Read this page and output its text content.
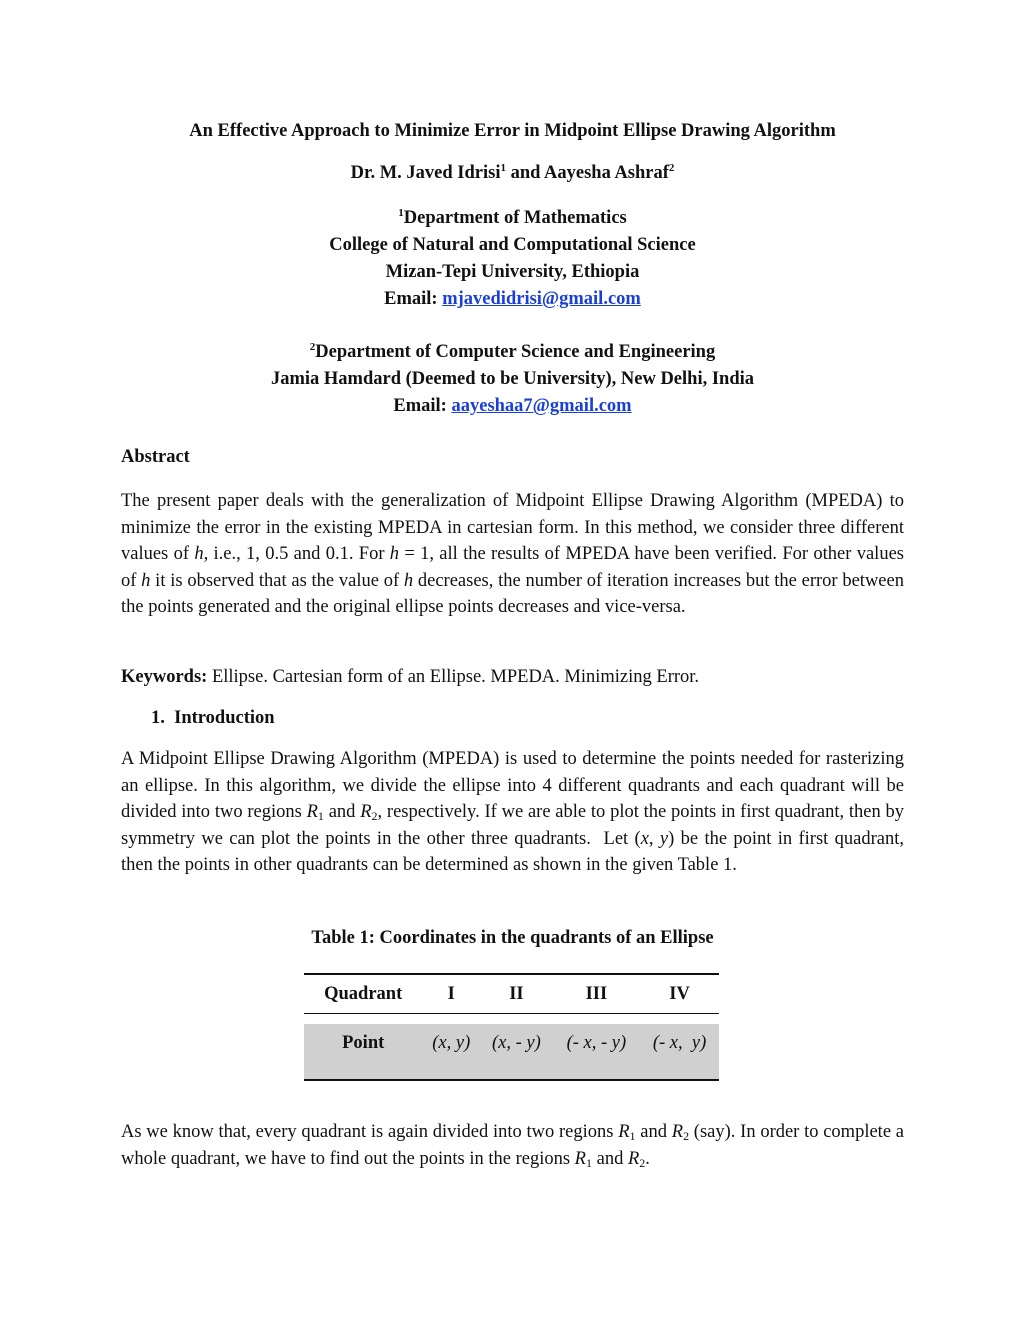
An Effective Approach to Minimize Error in Midpoint Ellipse Drawing Algorithm
Dr. M. Javed Idrisi$^1$ and Aayesha Ashraf$^2$
$^1$Department of Mathematics
College of Natural and Computational Science
Mizan-Tepi University, Ethiopia
Email: mjavedidrisi@gmail.com
$^2$Department of Computer Science and Engineering
Jamia Hamdard (Deemed to be University), New Delhi, India
Email: aayeshaa7@gmail.com
Abstract
The present paper deals with the generalization of Midpoint Ellipse Drawing Algorithm (MPEDA) to minimize the error in the existing MPEDA in cartesian form. In this method, we consider three different values of h, i.e., 1, 0.5 and 0.1. For h = 1, all the results of MPEDA have been verified. For other values of h it is observed that as the value of h decreases, the number of iteration increases but the error between the points generated and the original ellipse points decreases and vice-versa.
Keywords: Ellipse. Cartesian form of an Ellipse. MPEDA. Minimizing Error.
1.  Introduction
A Midpoint Ellipse Drawing Algorithm (MPEDA) is used to determine the points needed for rasterizing an ellipse. In this algorithm, we divide the ellipse into 4 different quadrants and each quadrant will be divided into two regions $R_1$ and $R_2$, respectively. If we are able to plot the points in first quadrant, then by symmetry we can plot the points in the other three quadrants.  Let (x, y) be the point in first quadrant, then the points in other quadrants can be determined as shown in the given Table 1.
Table 1: Coordinates in the quadrants of an Ellipse
Quadrant	I	II	III	IV

Point	(x, y)	(x, - y)	(- x, - y)	(- x,  y)
As we know that, every quadrant is again divided into two regions $R_1$ and $R_2$ (say). In order to complete a whole quadrant, we have to find out the points in the regions $R_1$ and $R_2$.
